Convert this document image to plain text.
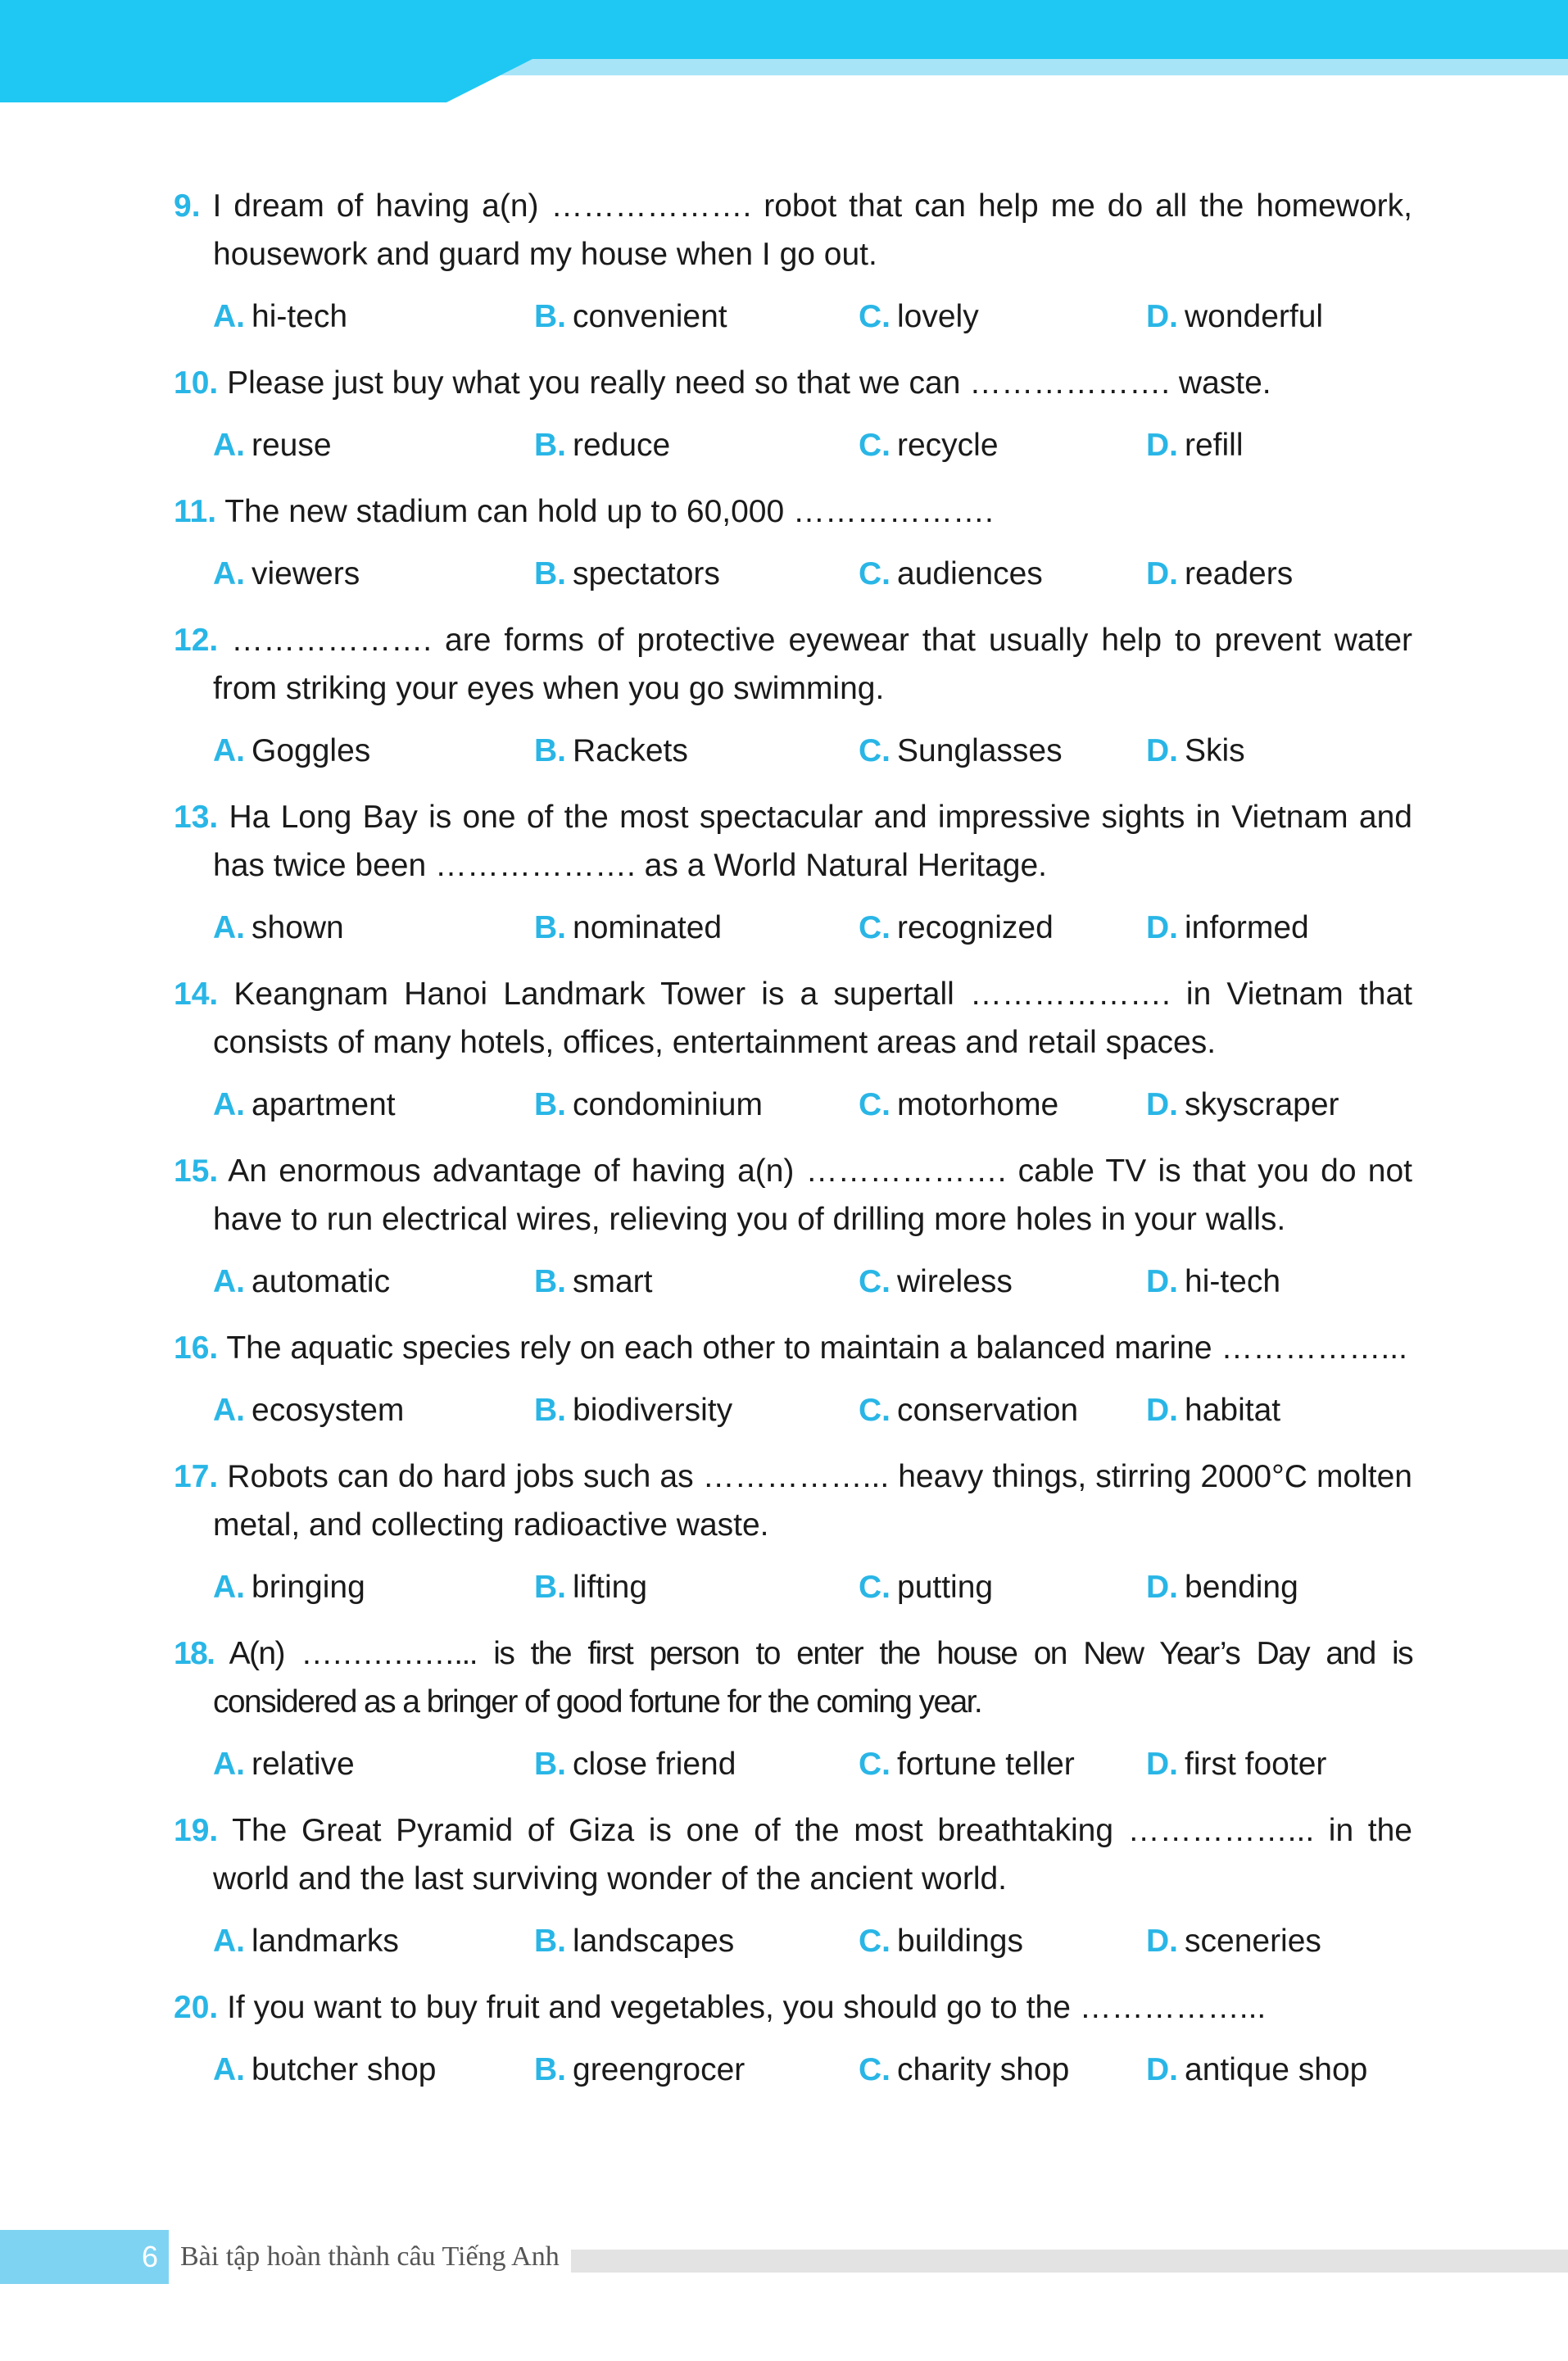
9. I dream of having a(n) ………………. robot that can help me do all the homework, housework and guard my house when I go out.
A. hi-tech	B. convenient	C. lovely	D. wonderful
10. Please just buy what you really need so that we can ………………. waste.
A. reuse	B. reduce	C. recycle	D. refill
11. The new stadium can hold up to 60,000 ……………….
A. viewers	B. spectators	C. audiences	D. readers
12. ………………. are forms of protective eyewear that usually help to prevent water from striking your eyes when you go swimming.
A. Goggles	B. Rackets	C. Sunglasses	D. Skis
13. Ha Long Bay is one of the most spectacular and impressive sights in Vietnam and has twice been ………………. as a World Natural Heritage.
A. shown	B. nominated	C. recognized	D. informed
14. Keangnam Hanoi Landmark Tower is a supertall ………………. in Vietnam that consists of many hotels, offices, entertainment areas and retail spaces.
A. apartment	B. condominium	C. motorhome	D. skyscraper
15. An enormous advantage of having a(n) ………………. cable TV is that you do not have to run electrical wires, relieving you of drilling more holes in your walls.
A. automatic	B. smart	C. wireless	D. hi-tech
16. The aquatic species rely on each other to maintain a balanced marine ……………...
A. ecosystem	B. biodiversity	C. conservation	D. habitat
17. Robots can do hard jobs such as ……………... heavy things, stirring 2000°C molten metal, and collecting radioactive waste.
A. bringing	B. lifting	C. putting	D. bending
18. A(n) ……………... is the first person to enter the house on New Year’s Day and is considered as a bringer of good fortune for the coming year.
A. relative	B. close friend	C. fortune teller	D. first footer
19. The Great Pyramid of Giza is one of the most breathtaking ……………... in the world and the last surviving wonder of the ancient world.
A. landmarks	B. landscapes	C. buildings	D. sceneries
20. If you want to buy fruit and vegetables, you should go to the ……………...
A. butcher shop	B. greengrocer	C. charity shop	D. antique shop
6 Bài tập hoàn thành câu Tiếng Anh
